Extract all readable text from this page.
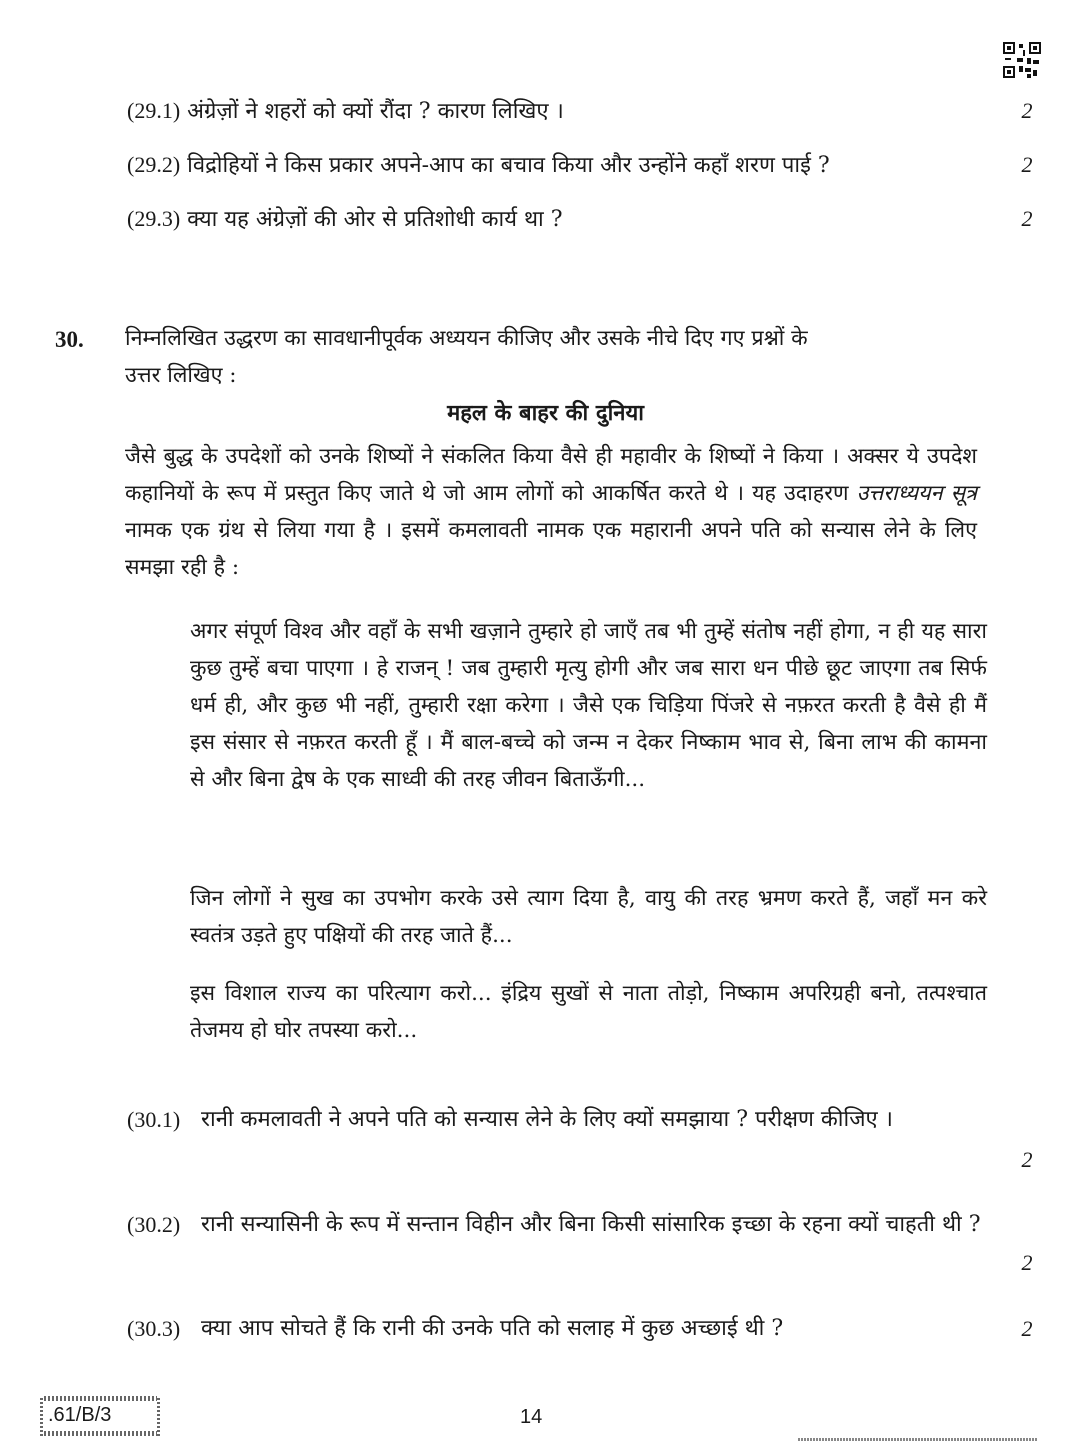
(29.1) अंग्रेज़ों ने शहरों को क्यों रौंदा ? कारण लिखिए ।	2
(29.2) विद्रोहियों ने किस प्रकार अपने-आप का बचाव किया और उन्होंने कहाँ शरण पाई ?	2
(29.3) क्या यह अंग्रेज़ों की ओर से प्रतिशोधी कार्य था ?	2
30. निम्नलिखित उद्धरण का सावधानीपूर्वक अध्ययन कीजिए और उसके नीचे दिए गए प्रश्नों के
उत्तर लिखिए :
महल के बाहर की दुनिया
जैसे बुद्ध के उपदेशों को उनके शिष्यों ने संकलित किया वैसे ही महावीर के शिष्यों ने किया । अक्सर ये उपदेश कहानियों के रूप में प्रस्तुत किए जाते थे जो आम लोगों को आकर्षित करते थे । यह उदाहरण उत्तराध्ययन सूत्र नामक एक ग्रंथ से लिया गया है । इसमें कमलावती नामक एक महारानी अपने पति को सन्यास लेने के लिए समझा रही है :
अगर संपूर्ण विश्व और वहाँ के सभी खज़ाने तुम्हारे हो जाएँ तब भी तुम्हें संतोष नहीं होगा, न ही यह सारा कुछ तुम्हें बचा पाएगा । हे राजन् ! जब तुम्हारी मृत्यु होगी और जब सारा धन पीछे छूट जाएगा तब सिर्फ धर्म ही, और कुछ भी नहीं, तुम्हारी रक्षा करेगा । जैसे एक चिड़िया पिंजरे से नफ़रत करती है वैसे ही मैं इस संसार से नफ़रत करती हूँ । मैं बाल-बच्चे को जन्म न देकर निष्काम भाव से, बिना लाभ की कामना से और बिना द्वेष के एक साध्वी की तरह जीवन बिताऊँगी...
जिन लोगों ने सुख का उपभोग करके उसे त्याग दिया है, वायु की तरह भ्रमण करते हैं, जहाँ मन करे स्वतंत्र उड़ते हुए पक्षियों की तरह जाते हैं...
इस विशाल राज्य का परित्याग करो... इंद्रिय सुखों से नाता तोड़ो, निष्काम अपरिग्रही बनो, तत्पश्चात तेजमय हो घोर तपस्या करो...
(30.1) रानी कमलावती ने अपने पति को सन्यास लेने के लिए क्यों समझाया ? परीक्षण कीजिए ।
2
(30.2) रानी सन्यासिनी के रूप में सन्तान विहीन और बिना किसी सांसारिक इच्छा के रहना क्यों चाहती थी ?
2
(30.3) क्या आप सोचते हैं कि रानी की उनके पति को सलाह में कुछ अच्छाई थी ?	2
.61/B/3	14
